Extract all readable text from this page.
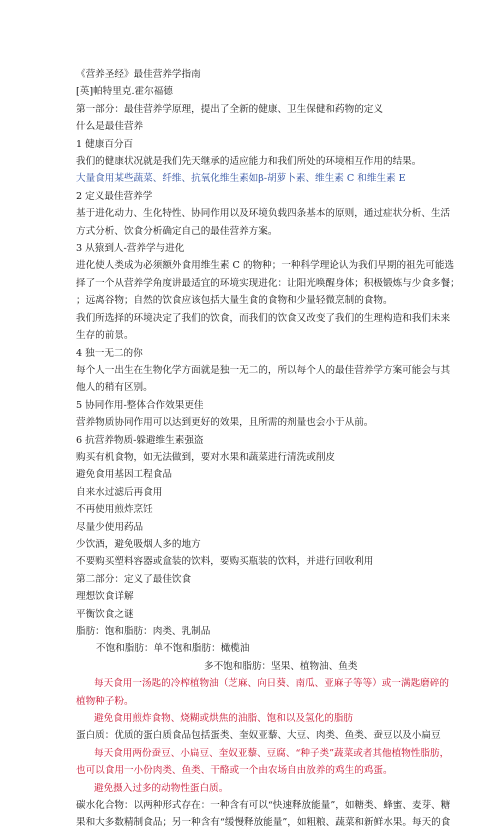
《营养圣经》最佳营养学指南
[英]帕特里克.霍尔福德
第一部分：最佳营养学原理，提出了全新的健康、卫生保健和药物的定义
什么是最佳营养
1 健康百分百
我们的健康状况就是我们先天继承的适应能力和我们所处的环境相互作用的结果。
大量食用某些蔬菜、纤维、抗氧化维生素如β-胡萝卜素、维生素 C 和维生素 E
2 定义最佳营养学
基于进化动力、生化特性、协同作用以及环境负载四条基本的原则，通过症状分析、生活
方式分析、饮食分析确定自己的最佳营养方案。
3 从猿到人-营养学与进化
进化使人类成为必须额外食用维生素 C 的物种；一种科学理论认为我们早期的祖先可能选
择了一个从营养学角度讲最适宜的环境实现进化：让阳光唤醒身体；积极锻炼与少食多餐；
；远离谷物；自然的饮食应该包括大量生食的食物和少量轻微烹制的食物。
我们所选择的环境决定了我们的饮食，而我们的饮食又改变了我们的生理构造和我们未来
生存的前景。
4 独一无二的你
每个人一出生在生物化学方面就是独一无二的，所以每个人的最佳营养学方案可能会与其
他人的稍有区别。
5 协同作用-整体合作效果更佳
营养物质协同作用可以达到更好的效果，且所需的剂量也会小于从前。
6 抗营养物质-躲避维生素强盗
购买有机食物，如无法做到，要对水果和蔬菜进行清洗或削皮
避免食用基因工程食品
自来水过滤后再食用
不再使用煎炸烹饪
尽量少使用药品
少饮酒，避免吸烟人多的地方
不要购买塑料容器或盒装的饮料，要购买瓶装的饮料，并进行回收利用
第二部分：定义了最佳饮食
理想饮食详解
平衡饮食之谜
脂肪：饱和脂肪：肉类、乳制品
不饱和脂肪：单不饱和脂肪：橄榄油
多不饱和脂肪：坚果、植物油、鱼类
每天食用一汤匙的冷榨植物油（芝麻、向日葵、南瓜、亚麻子等等）或一满匙磨碎的
植物种子粉。
避免食用煎炸食物、烧糊或烘焦的油脂、饱和以及氢化的脂肪
蛋白质：优质的蛋白质食品包括蛋类、奎奴亚藜、大豆、肉类、鱼类、蚕豆以及小扁豆
每天食用两份蚕豆、小扁豆、奎奴亚藜、豆腐、“种子类”蔬菜或者其他植物性脂肪，
也可以食用一小份肉类、鱼类、干酪或一个由农场自由放养的鸡生的鸡蛋。
避免摄入过多的动物性蛋白质。
碳水化合物：以两种形式存在：一种含有可以“快速释放能量”，如糖类、蜂蜜、麦芽、糖
果和大多数精制食品；另一种含有“缓慢释放能量”，如粗粮、蔬菜和新鲜水果。每天的食
